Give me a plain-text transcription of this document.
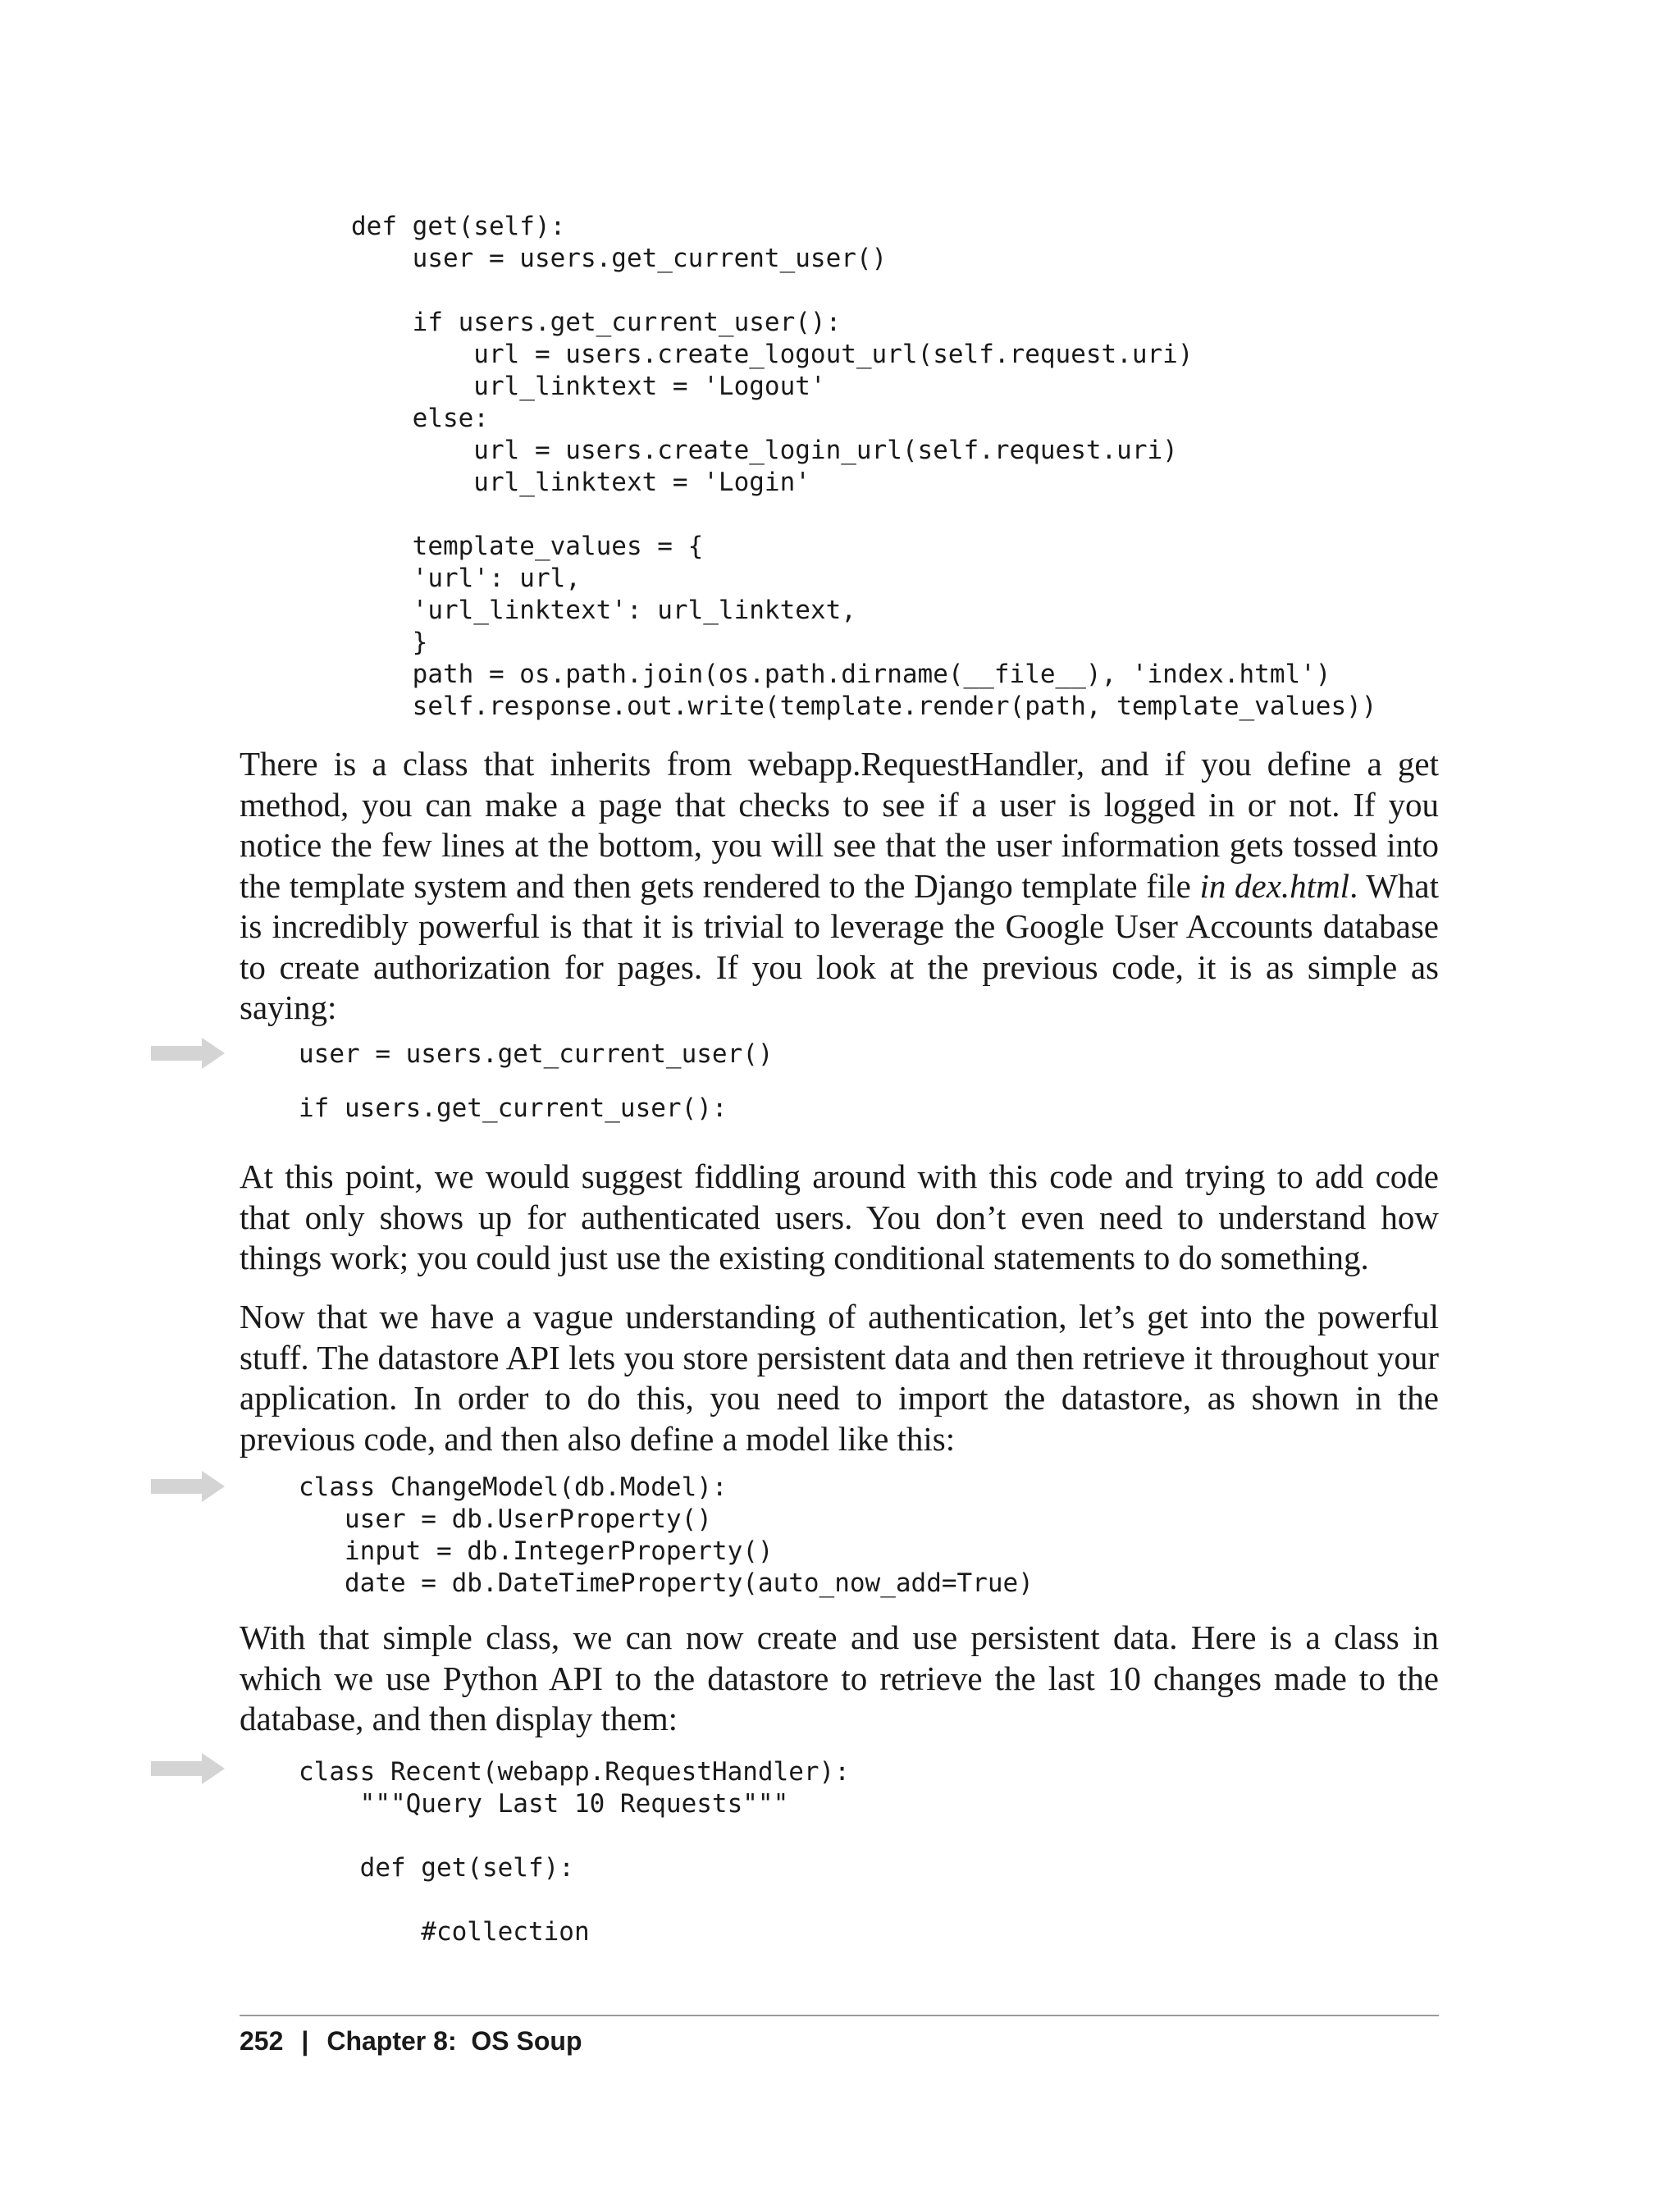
def get(self):
user = users.get_current_user()
if users.get_current_user():
url = users.create_logout_url(self.request.uri)
url_linktext = 'Logout'
else:
url = users.create_login_url(self.request.uri)
url_linktext = 'Login'
template_values = {
'url': url,
'url_linktext': url_linktext,
}
path = os.path.join(os.path.dirname(__file__), 'index.html')
self.response.out.write(template.render(path, template_values))

There is a class that inherits from webapp.RequestHandler, and if you define a get method, you can make a page that checks to see if a user is logged in or not. If you notice the few lines at the bottom, you will see that the user information gets tossed into the template system and then gets rendered to the Django template file in dex.html. What is incredibly powerful is that it is trivial to leverage the Google User Accounts database to create authorization for pages. If you look at the previous code, it is as simple as saying:

user = users.get_current_user()
if users.get_current_user():

At this point, we would suggest fiddling around with this code and trying to add code that only shows up for authenticated users. You don’t even need to understand how things work; you could just use the existing conditional statements to do something.

Now that we have a vague understanding of authentication, let’s get into the powerful stuff. The datastore API lets you store persistent data and then retrieve it throughout your application. In order to do this, you need to import the datastore, as shown in the previous code, and then also define a model like this:

class ChangeModel(db.Model):
user = db.UserProperty()
input = db.IntegerProperty()
date = db.DateTimeProperty(auto_now_add=True)

With that simple class, we can now create and use persistent data. Here is a class in which we use Python API to the datastore to retrieve the last 10 changes made to the database, and then display them:

class Recent(webapp.RequestHandler):
"""Query Last 10 Requests"""
def get(self):
#collection
252 | Chapter 8:  OS Soup
